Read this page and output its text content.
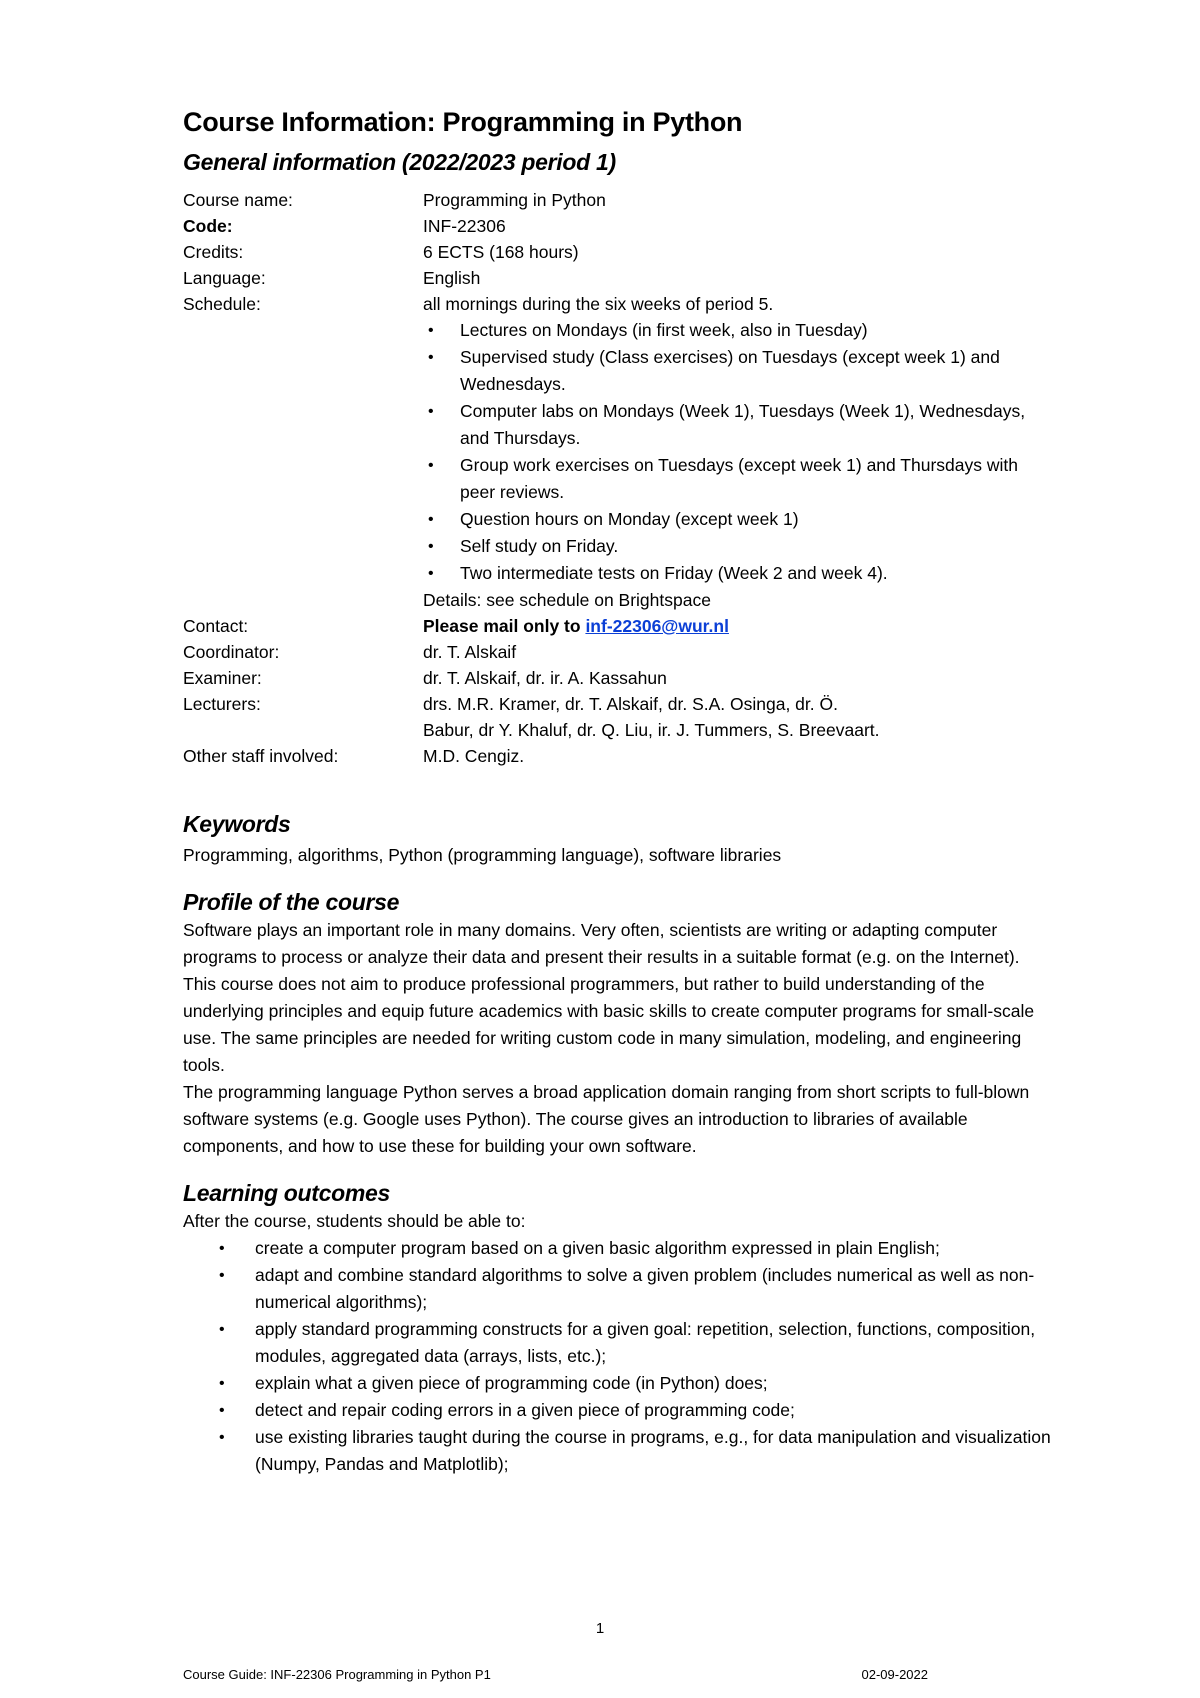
Course Information: Programming in Python
General information (2022/2023 period 1)
Course name:	Programming in Python
Code:	INF-22306
Credits:	6 ECTS (168 hours)
Language:	English
Schedule:	all mornings during the six weeks of period 5.
• Lectures on Mondays (in first week, also in Tuesday)
• Supervised study (Class exercises) on Tuesdays (except week 1) and Wednesdays.
• Computer labs on Mondays (Week 1), Tuesdays (Week 1), Wednesdays, and Thursdays.
• Group work exercises on Tuesdays (except week 1) and Thursdays with peer reviews.
• Question hours on Monday (except week 1)
• Self study on Friday.
• Two intermediate tests on Friday (Week 2 and week 4).
Details: see schedule on Brightspace
Contact:	Please mail only to inf-22306@wur.nl
Coordinator:	dr. T. Alskaif
Examiner:	dr. T. Alskaif, dr. ir. A. Kassahun
Lecturers:	drs. M.R. Kramer, dr. T. Alskaif, dr. S.A. Osinga, dr. Ö.
Babur, dr Y. Khaluf, dr. Q. Liu, ir. J. Tummers, S. Breevaart.
Other staff involved:	M.D. Cengiz.
Keywords
Programming, algorithms, Python (programming language), software libraries
Profile of the course
Software plays an important role in many domains. Very often, scientists are writing or adapting computer programs to process or analyze their data and present their results in a suitable format (e.g. on the Internet). This course does not aim to produce professional programmers, but rather to build understanding of the underlying principles and equip future academics with basic skills to create computer programs for small-scale use. The same principles are needed for writing custom code in many simulation, modeling, and engineering tools.
The programming language Python serves a broad application domain ranging from short scripts to full-blown software systems (e.g. Google uses Python). The course gives an introduction to libraries of available components, and how to use these for building your own software.
Learning outcomes
After the course, students should be able to:
• create a computer program based on a given basic algorithm expressed in plain English;
• adapt and combine standard algorithms to solve a given problem (includes numerical as well as non-numerical algorithms);
• apply standard programming constructs for a given goal: repetition, selection, functions, composition, modules, aggregated data (arrays, lists, etc.);
• explain what a given piece of programming code (in Python) does;
• detect and repair coding errors in a given piece of programming code;
• use existing libraries taught during the course in programs, e.g., for data manipulation and visualization (Numpy, Pandas and Matplotlib);
1
Course Guide: INF-22306 Programming in Python P1	02-09-2022
